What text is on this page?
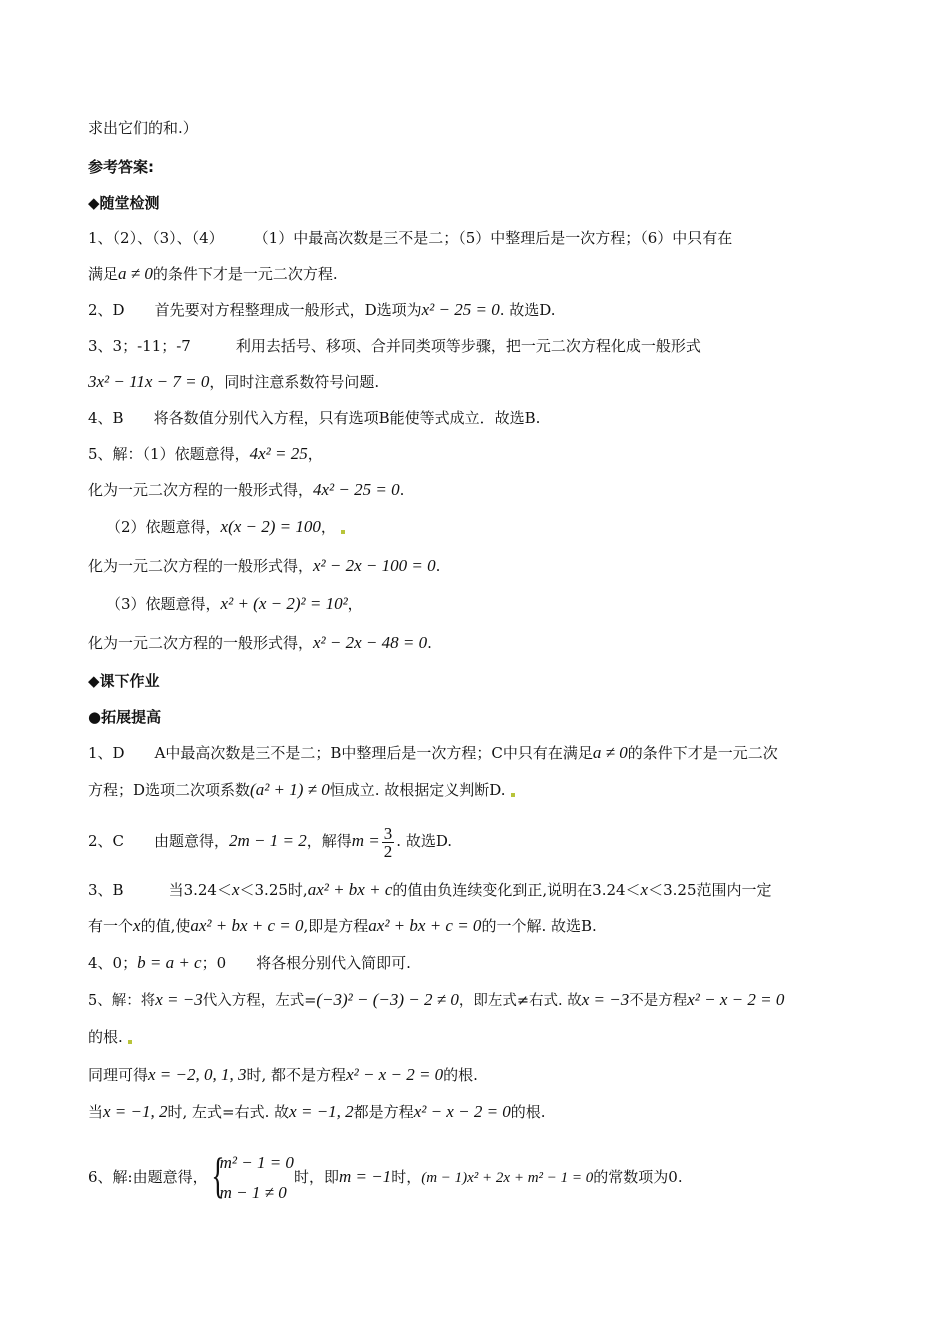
求出它们的和.）
参考答案:
◆随堂检测
1、（2）、（3）、（4）　　　（1）中最高次数是三不是二；（5）中整理后是一次方程；（6）中只有在
满足a ≠ 0的条件下才是一元二次方程.
2、D　　首先要对方程整理成一般形式，D选项为x² − 25 = 0. 故选D.
3、3；-11；-7　　　利用去括号、移项、合并同类项等步骤，把一元二次方程化成一般形式
3x² − 11x − 7 = 0，同时注意系数符号问题.
4、B　　将各数值分别代入方程，只有选项B能使等式成立．故选B.
5、解：（1）依题意得，4x² = 25，
化为一元二次方程的一般形式得，4x² − 25 = 0.
（2）依题意得，x(x − 2) = 100，
化为一元二次方程的一般形式得，x² − 2x − 100 = 0.
（3）依题意得，x² + (x − 2)² = 10²，
化为一元二次方程的一般形式得，x² − 2x − 48 = 0.
◆课下作业
●拓展提高
1、D　　A中最高次数是三不是二；B中整理后是一次方程；C中只有在满足a ≠ 0的条件下才是一元二次
方程；D选项二次项系数(a² + 1) ≠ 0恒成立. 故根据定义判断D.
2、C　　由题意得，2m − 1 = 2，解得$m = \frac{3}{2}$ . 故选D.
3、B　　　当3.24＜x＜3.25时,ax² + bx + c的值由负连续变化到正,说明在3.24＜x＜3.25范围内一定
有一个x的值,使ax² + bx + c = 0,即是方程ax² + bx + c = 0的一个解. 故选B.
4、0；b = a + c；0　　将各根分别代入简即可.
5、解：将x = −3代入方程，左式=(−3)² − (−3) − 2 ≠ 0，即左式≠右式. 故x = −3不是方程x² − x − 2 = 0
的根.
同理可得x = −2, 0, 1, 3时, 都不是方程x² − x − 2 = 0的根.
当x = −1, 2时, 左式=右式. 故x = −1, 2都是方程x² − x − 2 = 0的根.
6、解:由题意得，
{ m² − 1 = 0
m − 1 ≠ 0
时，即m = −1时，(m − 1)x² + 2x + m² − 1 = 0的常数项为0.
